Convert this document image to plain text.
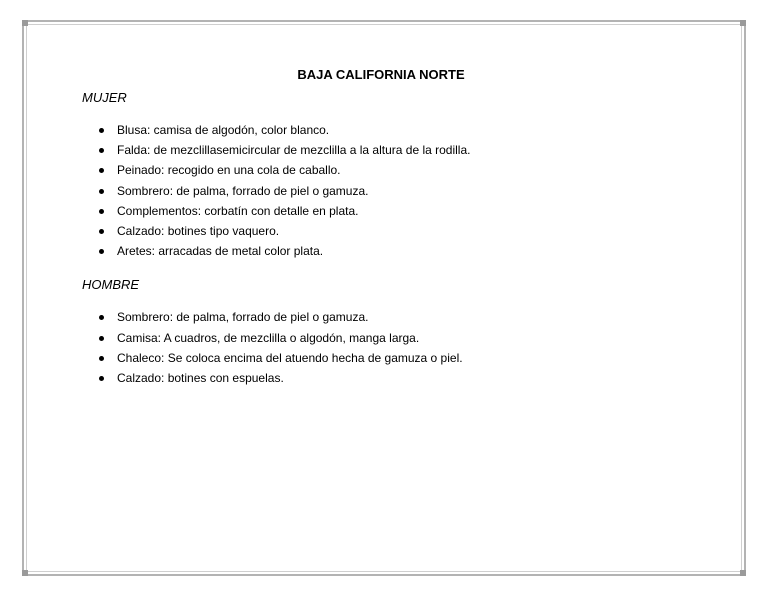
BAJA CALIFORNIA NORTE
MUJER
Blusa: camisa de algodón, color blanco.
Falda: de mezclillasemicircular de mezclilla a la altura de la rodilla.
Peinado: recogido en una cola de caballo.
Sombrero: de palma, forrado de piel o gamuza.
Complementos: corbatín con detalle en plata.
Calzado: botines tipo vaquero.
Aretes: arracadas de metal color plata.
HOMBRE
Sombrero: de palma, forrado de piel o gamuza.
Camisa: A cuadros, de mezclilla o algodón, manga larga.
Chaleco: Se coloca encima del atuendo hecha de gamuza o piel.
Calzado: botines con espuelas.
